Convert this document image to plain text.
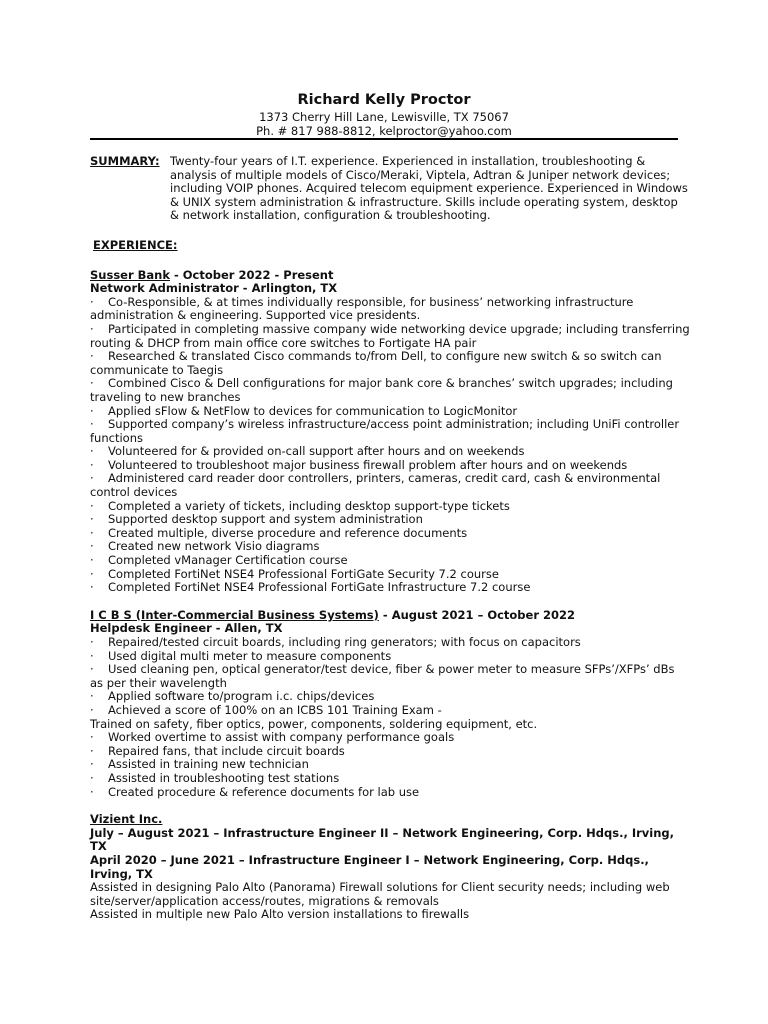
Richard Kelly Proctor
1373 Cherry Hill Lane, Lewisville, TX 75067
Ph. # 817 988-8812, kelproctor@yahoo.com
SUMMARY: Twenty-four years of I.T. experience. Experienced in installation, troubleshooting & analysis of multiple models of Cisco/Meraki, Viptela, Adtran & Juniper network devices; including VOIP phones. Acquired telecom equipment experience. Experienced in Windows & UNIX system administration & infrastructure. Skills include operating system, desktop & network installation, configuration & troubleshooting.
EXPERIENCE:
Susser Bank - October 2022 - Present
Network Administrator - Arlington, TX
· Co-Responsible, & at times individually responsible, for business’ networking infrastructure administration & engineering. Supported vice presidents.
· Participated in completing massive company wide networking device upgrade; including transferring routing & DHCP from main office core switches to Fortigate HA pair
· Researched & translated Cisco commands to/from Dell, to configure new switch & so switch can communicate to Taegis
· Combined Cisco & Dell configurations for major bank core & branches’ switch upgrades; including traveling to new branches
· Applied sFlow & NetFlow to devices for communication to LogicMonitor
· Supported company’s wireless infrastructure/access point administration; including UniFi controller functions
· Volunteered for & provided on-call support after hours and on weekends
· Volunteered to troubleshoot major business firewall problem after hours and on weekends
· Administered card reader door controllers, printers, cameras, credit card, cash & environmental control devices
· Completed a variety of tickets, including desktop support-type tickets
· Supported desktop support and system administration
· Created multiple, diverse procedure and reference documents
· Created new network Visio diagrams
· Completed vManager Certification course
· Completed FortiNet NSE4 Professional FortiGate Security 7.2 course
· Completed FortiNet NSE4 Professional FortiGate Infrastructure 7.2 course
I C B S (Inter-Commercial Business Systems) - August 2021 – October 2022
Helpdesk Engineer - Allen, TX
· Repaired/tested circuit boards, including ring generators; with focus on capacitors
· Used digital multi meter to measure components
· Used cleaning pen, optical generator/test device, fiber & power meter to measure SFPs’/XFPs’ dBs as per their wavelength
· Applied software to/program i.c. chips/devices
· Achieved a score of 100% on an ICBS 101 Training Exam -
Trained on safety, fiber optics, power, components, soldering equipment, etc.
· Worked overtime to assist with company performance goals
· Repaired fans, that include circuit boards
· Assisted in training new technician
· Assisted in troubleshooting test stations
· Created procedure & reference documents for lab use
Vizient Inc.
July – August 2021 – Infrastructure Engineer II – Network Engineering, Corp. Hdqs., Irving, TX
April 2020 – June 2021 – Infrastructure Engineer I – Network Engineering, Corp. Hdqs., Irving, TX
Assisted in designing Palo Alto (Panorama) Firewall solutions for Client security needs; including web site/server/application access/routes, migrations & removals
Assisted in multiple new Palo Alto version installations to firewalls
